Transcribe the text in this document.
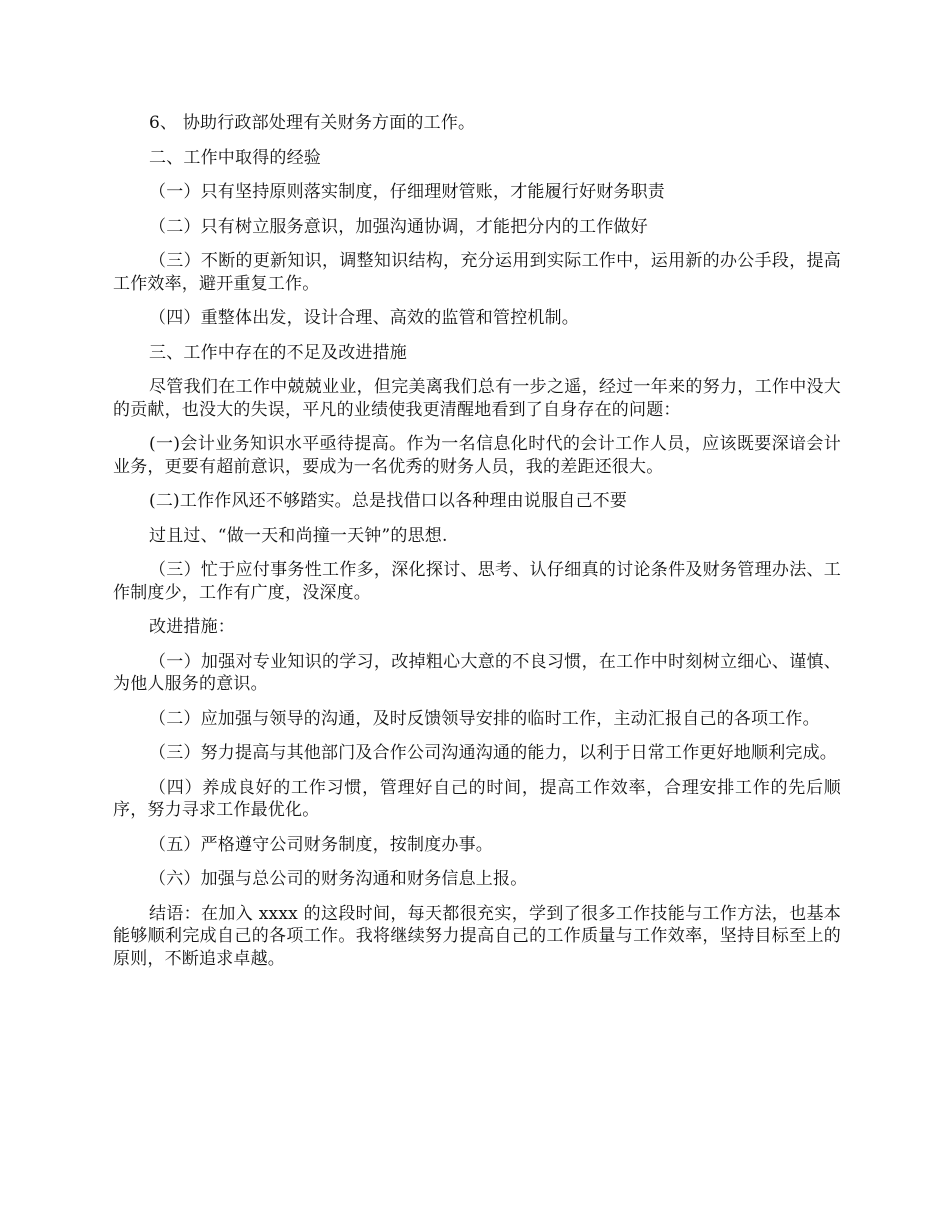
6、 协助行政部处理有关财务方面的工作。

二、工作中取得的经验

（一）只有坚持原则落实制度，仔细理财管账，才能履行好财务职责

（二）只有树立服务意识，加强沟通协调，才能把分内的工作做好

（三）不断的更新知识，调整知识结构，充分运用到实际工作中，运用新的办公手段，提高工作效率，避开重复工作。

（四）重整体出发，设计合理、高效的监管和管控机制。

三、工作中存在的不足及改进措施

尽管我们在工作中兢兢业业，但完美离我们总有一步之遥，经过一年来的努力，工作中没大的贡献，也没大的失误，平凡的业绩使我更清醒地看到了自身存在的问题：

(一)会计业务知识水平亟待提高。作为一名信息化时代的会计工作人员，应该既要深谙会计业务，更要有超前意识，要成为一名优秀的财务人员，我的差距还很大。

(二)工作作风还不够踏实。总是找借口以各种理由说服自己不要

过且过、“做一天和尚撞一天钟”的思想.

（三）忙于应付事务性工作多，深化探讨、思考、认仔细真的讨论条件及财务管理办法、工作制度少，工作有广度，没深度。

改进措施：

（一）加强对专业知识的学习，改掉粗心大意的不良习惯，在工作中时刻树立细心、谨慎、为他人服务的意识。

（二）应加强与领导的沟通，及时反馈领导安排的临时工作，主动汇报自己的各项工作。

（三）努力提高与其他部门及合作公司沟通沟通的能力，以利于日常工作更好地顺利完成。

（四）养成良好的工作习惯，管理好自己的时间，提高工作效率，合理安排工作的先后顺序，努力寻求工作最优化。

（五）严格遵守公司财务制度，按制度办事。

（六）加强与总公司的财务沟通和财务信息上报。

结语：在加入 xxxx 的这段时间，每天都很充实，学到了很多工作技能与工作方法，也基本能够顺利完成自己的各项工作。我将继续努力提高自己的工作质量与工作效率，坚持目标至上的原则，不断追求卓越。
